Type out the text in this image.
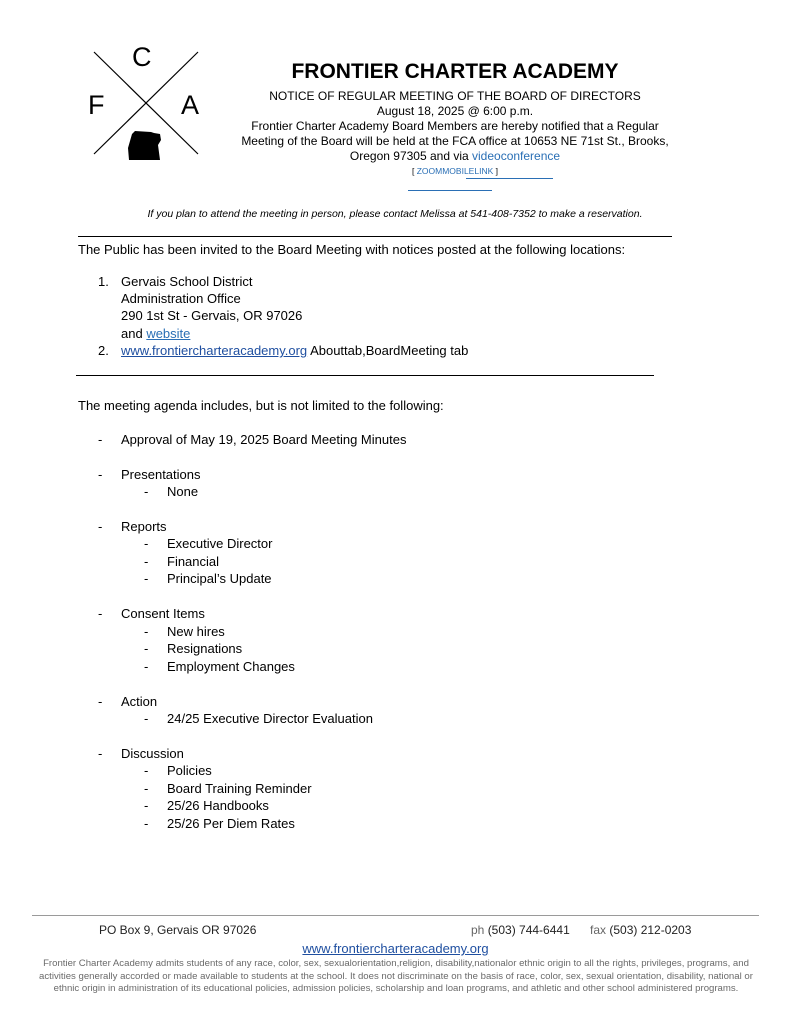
C
F	A
FRONTIER CHARTER ACADEMY
NOTICE OF REGULAR MEETING OF THE BOARD OF DIRECTORS
August 18, 2025 @ 6:00 p.m.
Frontier Charter Academy Board Members are hereby notified that a Regular
Meeting of the Board will be held at the FCA office at 10653 NE 71st St., Brooks,
Oregon 97305 and via videoconference
[ ZOOMMOBILELINK ]
If you plan to attend the meeting in person, please contact Melissa at 541-408-7352 to make a reservation.
The Public has been invited to the Board Meeting with notices posted at the following locations:
1. Gervais School District
Administration Office
290 1st St - Gervais, OR 97026
and website
2. www.frontiercharteracademy.org Abouttab,BoardMeeting tab
The meeting agenda includes, but is not limited to the following:
- Approval of May 19, 2025 Board Meeting Minutes
- Presentations
- None
- Reports
- Executive Director
- Financial
- Principal’s Update
- Consent Items
- New hires
- Resignations
- Employment Changes
- Action
- 24/25 Executive Director Evaluation
- Discussion
- Policies
- Board Training Reminder
- 25/26 Handbooks
- 25/26 Per Diem Rates
PO Box 9, Gervais OR 97026	ph (503) 744-6441 fax (503) 212-0203
www.frontiercharteracademy.org
Frontier Charter Academy admits students of any race, color, sex, sexualorientation,religion, disability,nationalor ethnic origin to all the rights, privileges, programs, and activities generally accorded or made available to students at the school. It does not discriminate on the basis of race, color, sex, sexual orientation, disability, national or ethnic origin in administration of its educational policies, admission policies, scholarship and loan programs, and athletic and other school administered programs.
